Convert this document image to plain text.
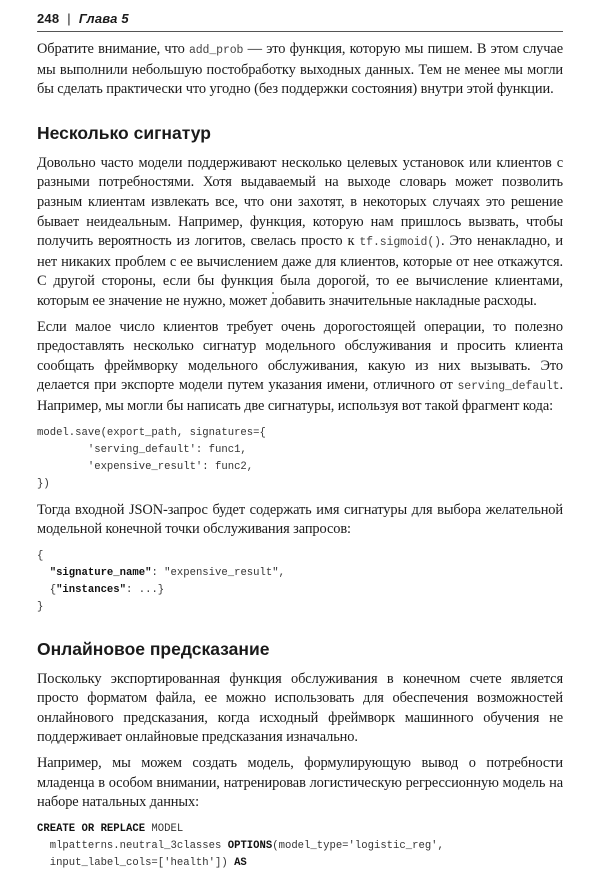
248 | Глава 5

Обратите внимание, что add_prob — это функция, которую мы пишем. В этом случае мы выполнили небольшую постобработку выходных данных. Тем не менее мы могли бы сделать практически что угодно (без поддержки состояния) внутри этой функции.

Несколько сигнатур

Довольно часто модели поддерживают несколько целевых установок или клиентов с разными потребностями. Хотя выдаваемый на выходе словарь может позволить разным клиентам извлекать все, что они захотят, в некоторых случаях это решение бывает неидеальным. Например, функция, которую нам пришлось вызвать, чтобы получить вероятность из логитов, свелась просто к tf.sigmoid(). Это ненакладно, и нет никаких проблем с ее вычислением даже для клиентов, которые от нее откажутся. С другой стороны, если бы функция была дорогой, то ее вычисление клиентами, которым ее значение не нужно, может добавить значительные накладные расходы.

Если малое число клиентов требует очень дорогостоящей операции, то полезно предоставлять несколько сигнатур модельного обслуживания и просить клиента сообщать фреймворку модельного обслуживания, какую из них вызывать. Это делается при экспорте модели путем указания имени, отличного от serving_default. Например, мы могли бы написать две сигнатуры, используя вот такой фрагмент кода:

model.save(export_path, signatures={
'serving_default': func1,
'expensive_result': func2,
})

Тогда входной JSON-запрос будет содержать имя сигнатуры для выбора желательной модельной конечной точки обслуживания запросов:

{
"signature_name": "expensive_result",
{"instances": ...}
}
Онлайновое предсказание

Поскольку экспортированная функция обслуживания в конечном счете является просто форматом файла, ее можно использовать для обеспечения возможностей онлайнового предсказания, когда исходный фреймворк машинного обучения не поддерживает онлайновые предсказания изначально.

Например, мы можем создать модель, формулирующую вывод о потребности младенца в особом внимании, натренировав логистическую регрессионную модель на наборе натальных данных:

CREATE OR REPLACE MODEL
mlpatterns.neutral_3classes OPTIONS(model_type='logistic_reg',
input_label_cols=['health']) AS
